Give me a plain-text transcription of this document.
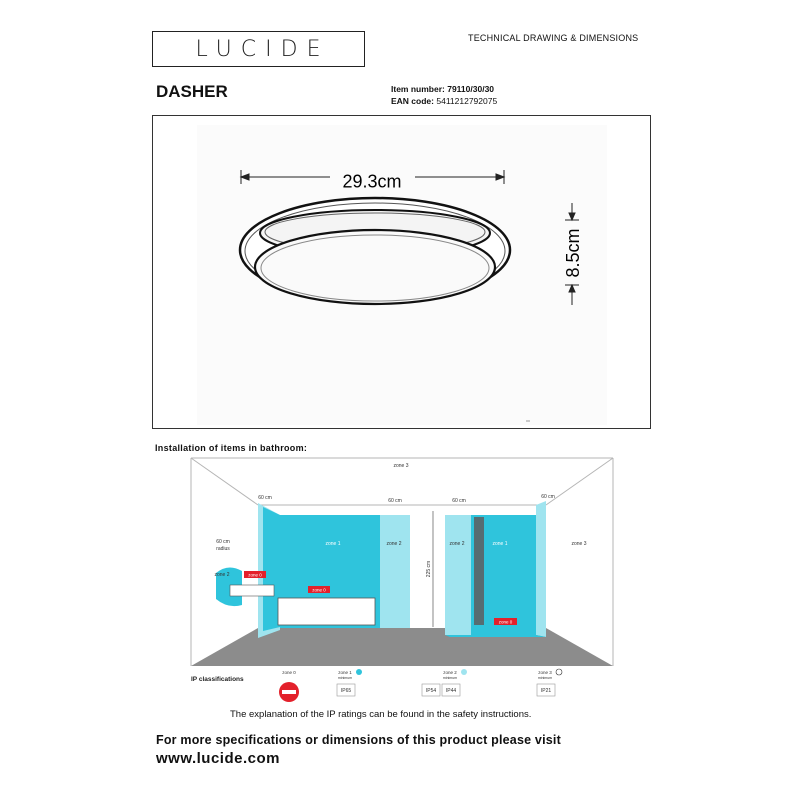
LUCIDE	TECHNICAL DRAWING & DIMENSIONS
DASHER	Item number: 79110/30/30
EAN code: 5411212792075
29.3cm
8.5cm
Installation of items in bathroom:
zone 0
zone 0
zone 0	225 cm
zone 3
60 cm	60 cm	60 cm
60 cm
60 cm
radius
zone 2
zone 1	zone 2	zone 2	zone 1	zone 3
IP classifications
zone 0	zone 1
minimum
zone 2
minimum
zone 3
minimum
IP65	IP54 IP44	IP21
The explanation of the IP ratings can be found in the safety instructions.
For more specifications or dimensions of this product please visit
www.lucide.com
